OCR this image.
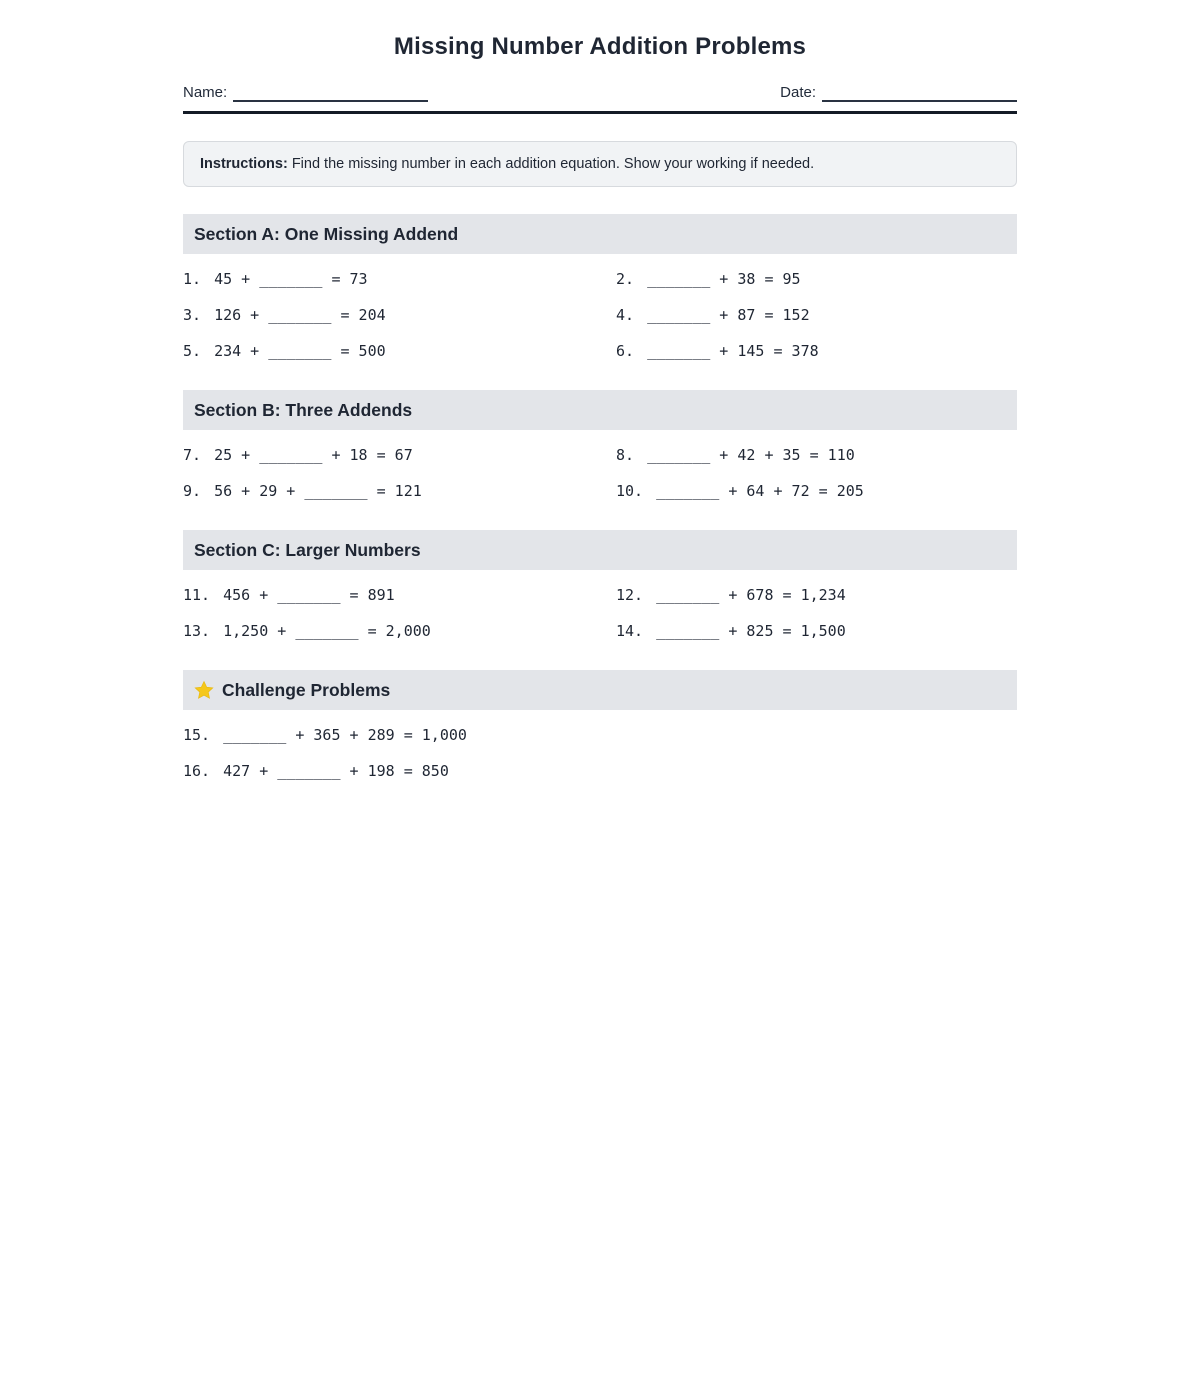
Missing Number Addition Problems
Name:	Date:
Instructions: Find the missing number in each addition equation. Show your working if needed.
Section A: One Missing Addend
1. 45 + _______ = 73	2. _______ + 38 = 95
3. 126 + _______ = 204	4. _______ + 87 = 152
5. 234 + _______ = 500	6. _______ + 145 = 378
Section B: Three Addends
7. 25 + _______ + 18 = 67	8. _______ + 42 + 35 = 110
9. 56 + 29 + _______ = 121	10. _______ + 64 + 72 = 205
Section C: Larger Numbers
11. 456 + _______ = 891	12. _______ + 678 = 1,234
13. 1,250 + _______ = 2,000	14. _______ + 825 = 1,500
Challenge Problems
15. _______ + 365 + 289 = 1,000
16. 427 + _______ + 198 = 850
